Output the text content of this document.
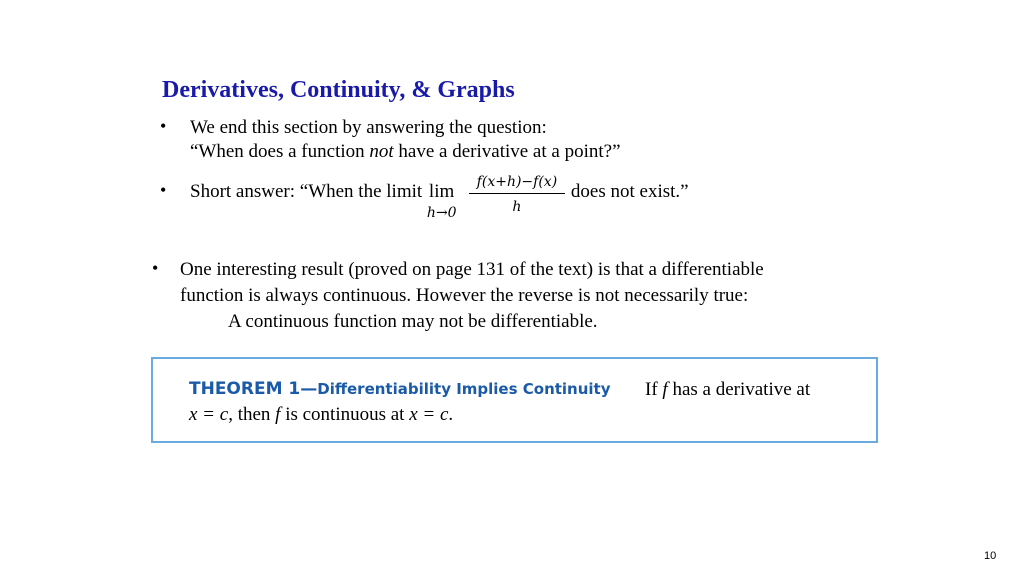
Derivatives, Continuity, & Graphs
• We end this section by answering the question:
“When does a function not have a derivative at a point?”
• Short answer: “When the limit lim
h→0
$\frac{f(x+h)-f(x)}{h}$ does not exist.”
• One interesting result (proved on page 131 of the text) is that a differentiable
function is always continuous. However the reverse is not necessarily true:
A continuous function may not be differentiable.
THEOREM 1—Differentiability Implies Continuity If f has a derivative at
x = c, then f is continuous at x = c.
10
